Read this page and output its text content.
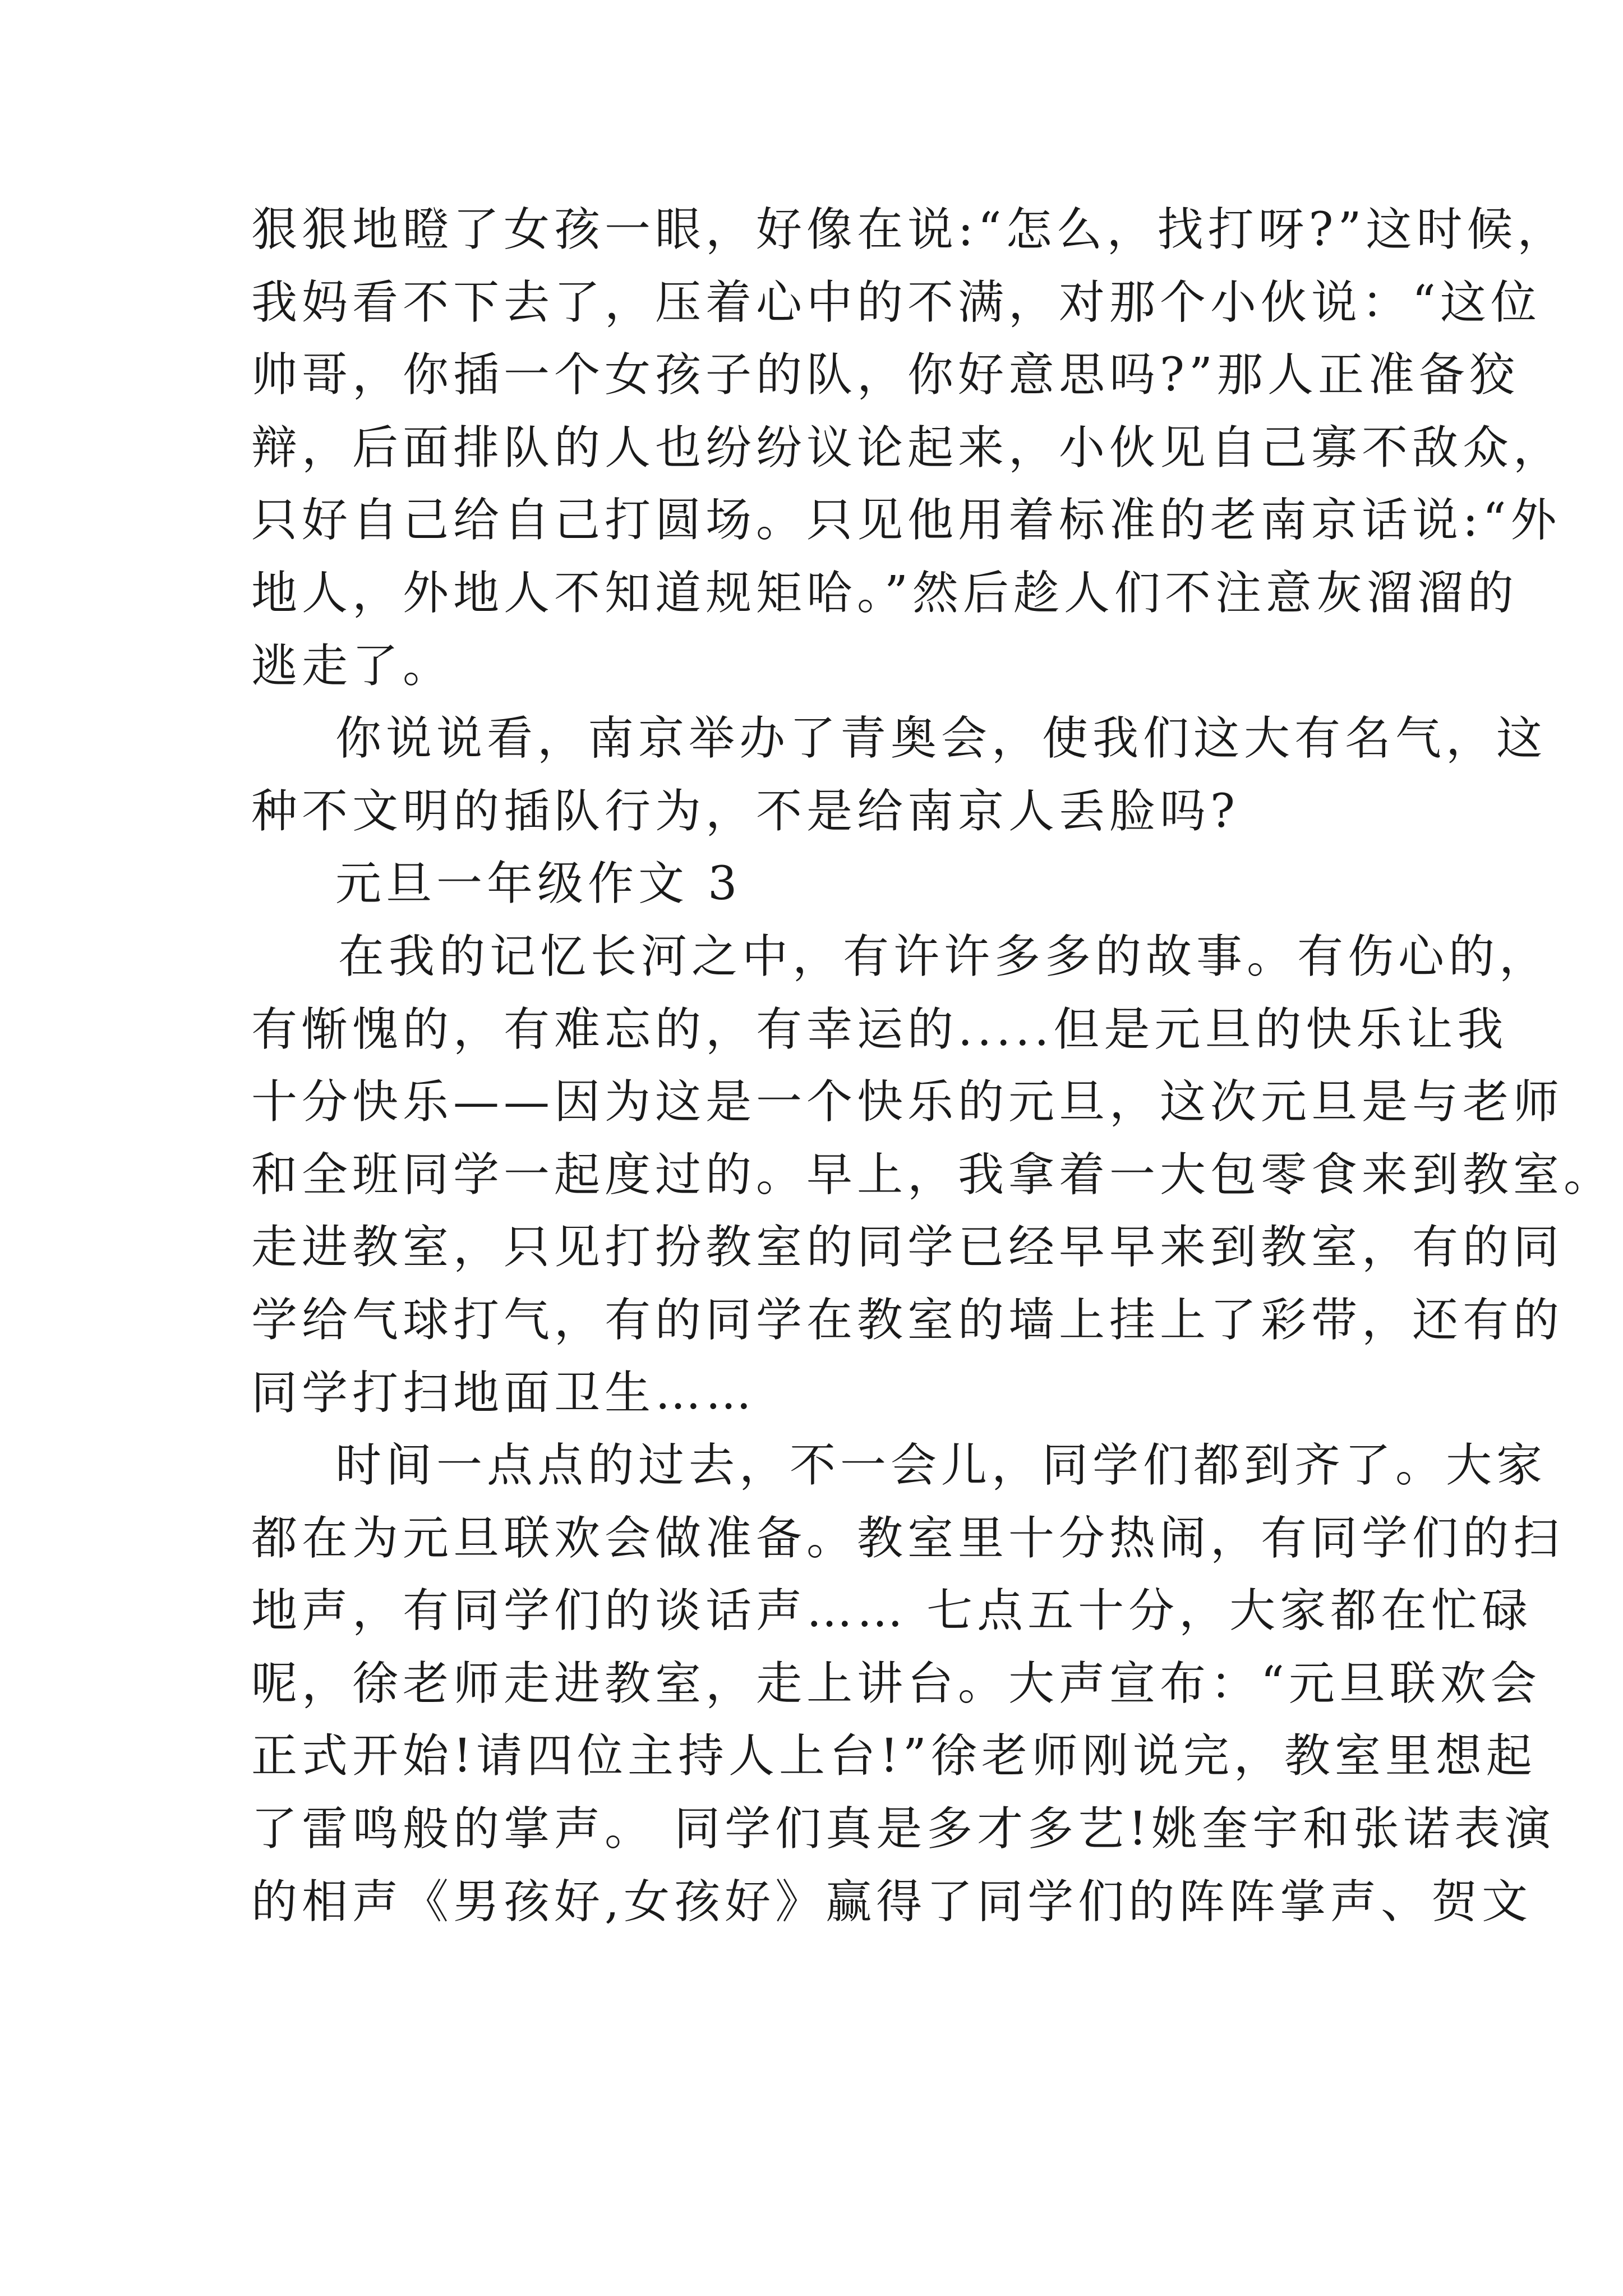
狠狠地瞪了女孩一眼，好像在说:“怎么，找打呀?”这时候，
我妈看不下去了，压着心中的不满，对那个小伙说：“这位
帅哥，你插一个女孩子的队，你好意思吗?”那人正准备狡
辩，后面排队的人也纷纷议论起来，小伙见自己寡不敌众，
只好自己给自己打圆场。只见他用着标准的老南京话说:“外
地人，外地人不知道规矩哈。”然后趁人们不注意灰溜溜的
逃走了。
你说说看，南京举办了青奥会，使我们这大有名气，这
种不文明的插队行为，不是给南京人丢脸吗?
元旦一年级作文 3
在我的记忆长河之中，有许许多多的故事。有伤心的，
有惭愧的，有难忘的，有幸运的.....但是元旦的快乐让我
十分快乐——因为这是一个快乐的元旦，这次元旦是与老师
和全班同学一起度过的。早上，我拿着一大包零食来到教室。
走进教室，只见打扮教室的同学已经早早来到教室，有的同
学给气球打气，有的同学在教室的墙上挂上了彩带，还有的
同学打扫地面卫生……
时间一点点的过去，不一会儿，同学们都到齐了。大家
都在为元旦联欢会做准备。教室里十分热闹，有同学们的扫
地声，有同学们的谈话声…… 七点五十分，大家都在忙碌
呢，徐老师走进教室，走上讲台。大声宣布：“元旦联欢会
正式开始!请四位主持人上台!”徐老师刚说完，教室里想起
了雷鸣般的掌声。 同学们真是多才多艺!姚奎宇和张诺表演
的相声《男孩好,女孩好》赢得了同学们的阵阵掌声、贺文
